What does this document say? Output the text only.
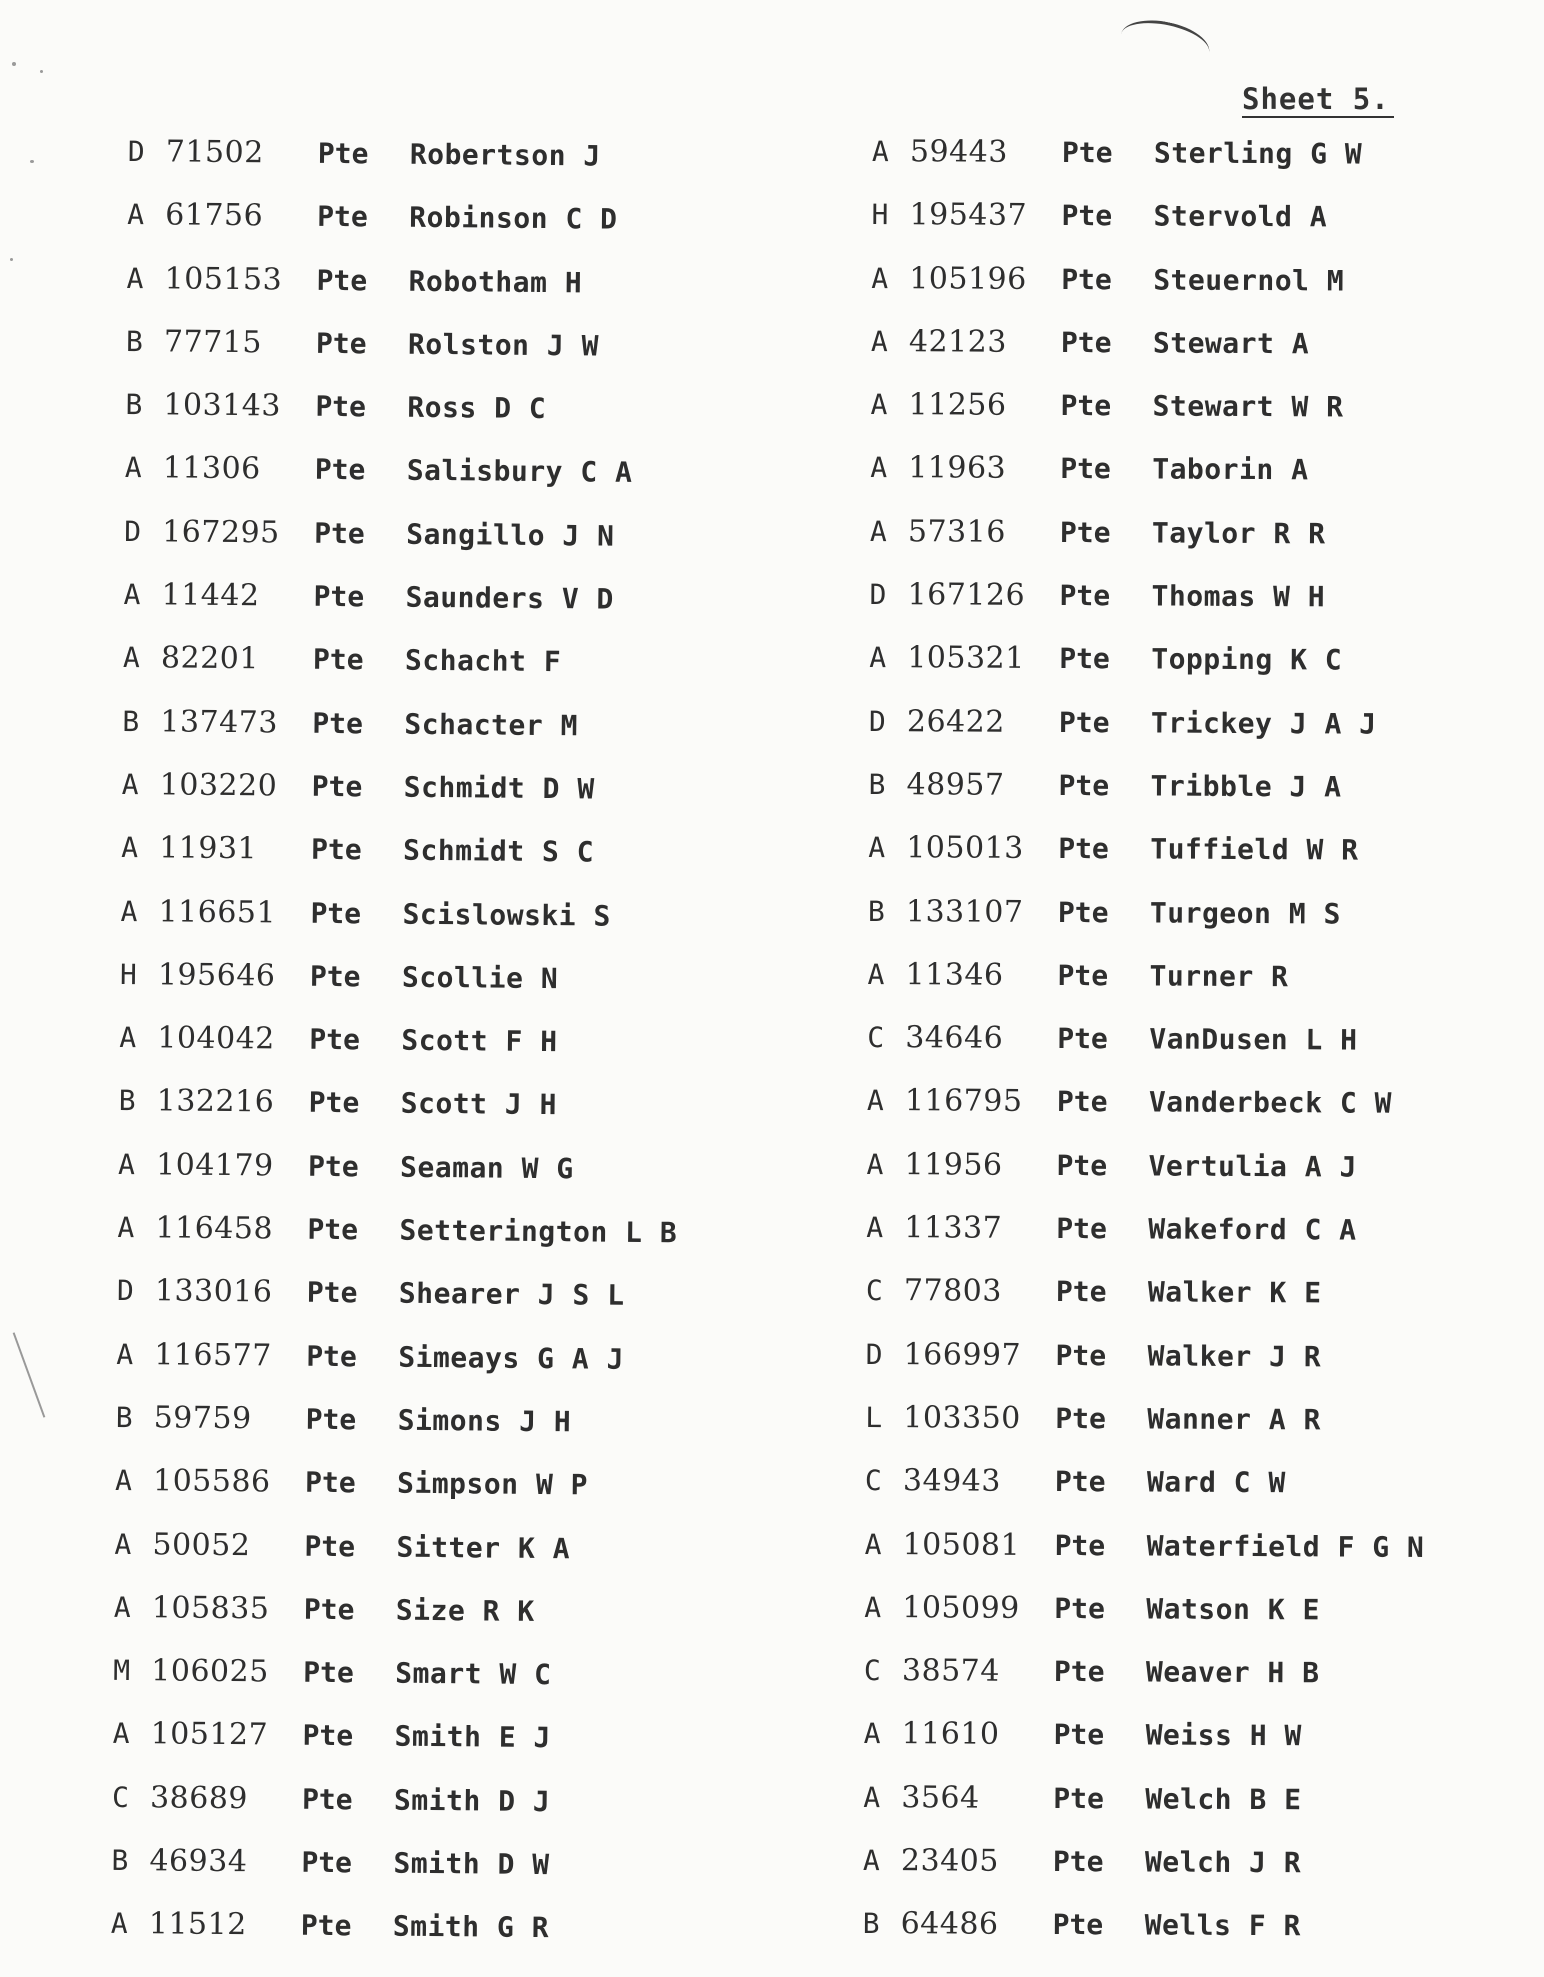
Sheet 5.
D 71502 Pte Robertson J
A 61756 Pte Robinson C D
A 105153 Pte Robotham H
B 77715 Pte Rolston J W
B 103143 Pte Ross D C
A 11306 Pte Salisbury C A
D 167295 Pte Sangillo J N
A 11442 Pte Saunders V D
A 82201 Pte Schacht F
B 137473 Pte Schacter M
A 103220 Pte Schmidt D W
A 11931 Pte Schmidt S C
A 116651 Pte Scislowski S
H 195646 Pte Scollie N
A 104042 Pte Scott F H
B 132216 Pte Scott J H
A 104179 Pte Seaman W G
A 116458 Pte Setterington L B
D 133016 Pte Shearer J S L
A 116577 Pte Simeays G A J
B 59759 Pte Simons J H
A 105586 Pte Simpson W P
A 50052 Pte Sitter K A
A 105835 Pte Size R K
M 106025 Pte Smart W C
A 105127 Pte Smith E J
C 38689 Pte Smith D J
B 46934 Pte Smith D W
A 11512 Pte Smith G R
A 59443 Pte Sterling G W
H 195437 Pte Stervold A
A 105196 Pte Steuernol M
A 42123 Pte Stewart A
A 11256 Pte Stewart W R
A 11963 Pte Taborin A
A 57316 Pte Taylor R R
D 167126 Pte Thomas W H
A 105321 Pte Topping K C
D 26422 Pte Trickey J A J
B 48957 Pte Tribble J A
A 105013 Pte Tuffield W R
B 133107 Pte Turgeon M S
A 11346 Pte Turner R
C 34646 Pte VanDusen L H
A 116795 Pte Vanderbeck C W
A 11956 Pte Vertulia A J
A 11337 Pte Wakeford C A
C 77803 Pte Walker K E
D 166997 Pte Walker J R
L 103350 Pte Wanner A R
C 34943 Pte Ward C W
A 105081 Pte Waterfield F G N
A 105099 Pte Watson K E
C 38574 Pte Weaver H B
A 11610 Pte Weiss H W
A 3564	Pte Welch B E
A 23405 Pte Welch J R
B 64486 Pte Wells F R
